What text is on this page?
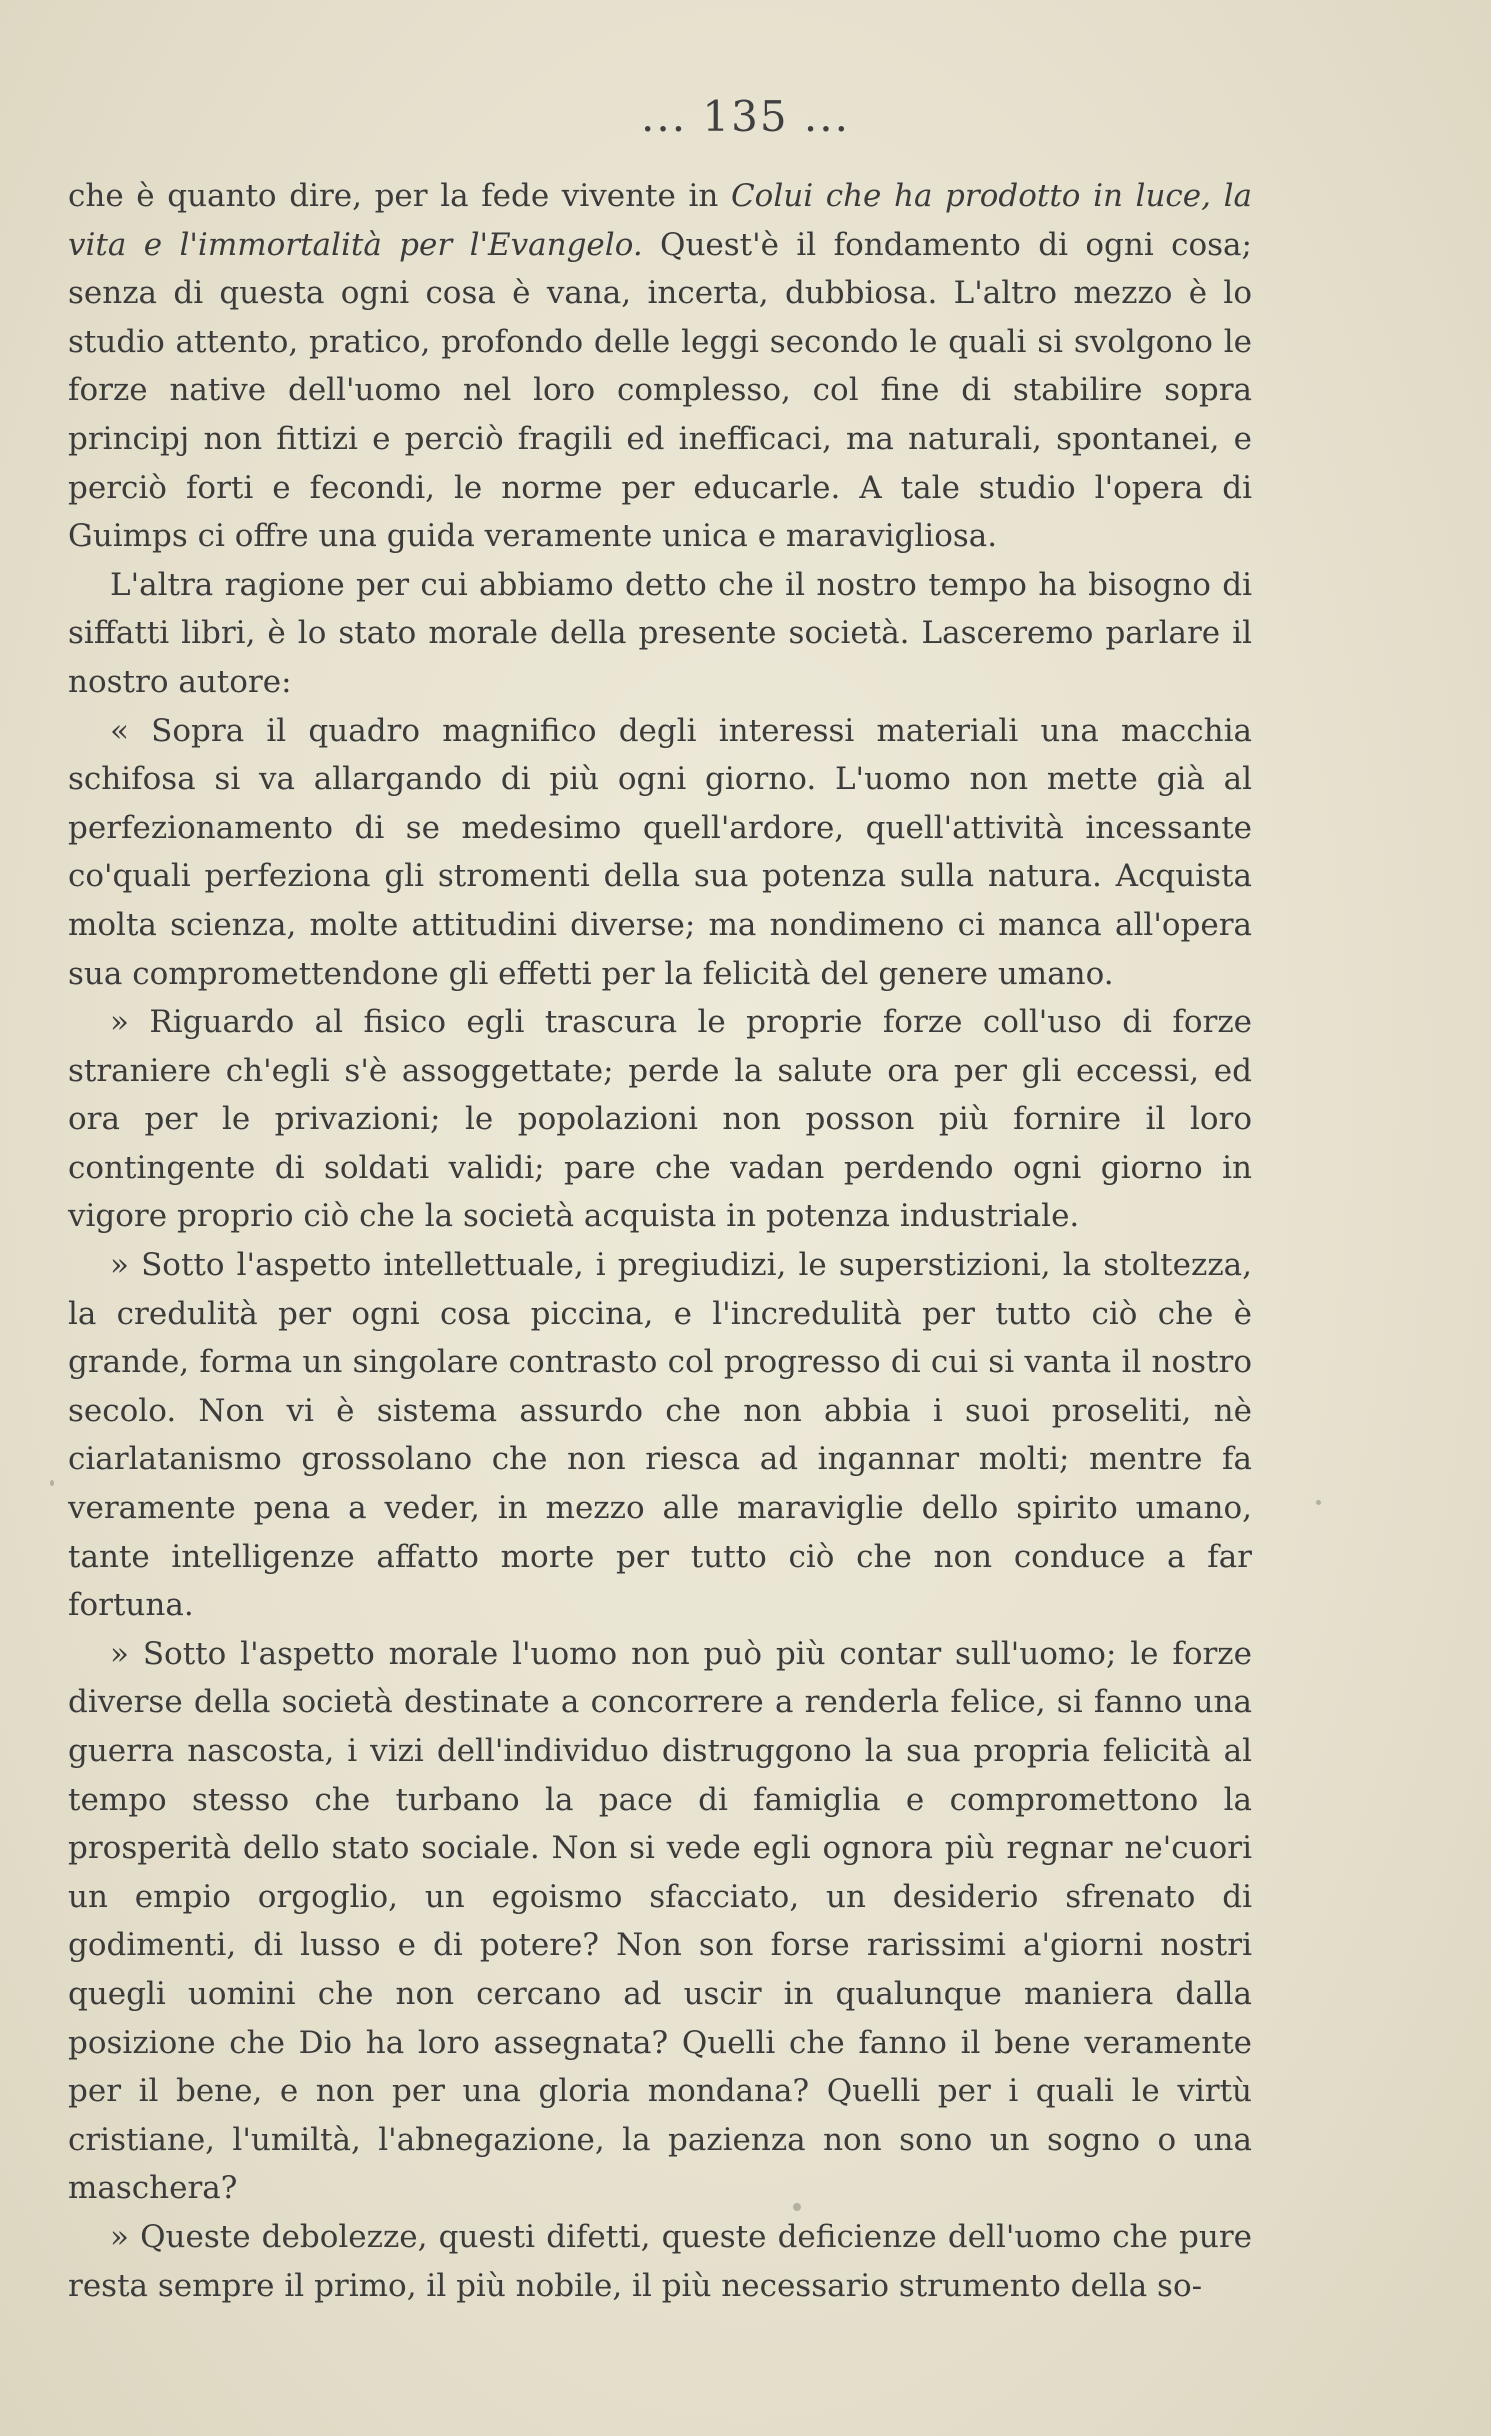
... 135 ...

che è quanto dire, per la fede vivente in Colui che ha prodotto in luce, la vita e l'immortalità per l'Evangelo. Quest'è il fondamento di ogni cosa; senza di questa ogni cosa è vana, incerta, dubbiosa. L'altro mezzo è lo studio attento, pratico, profondo delle leggi secondo le quali si svolgono le forze native dell'uomo nel loro complesso, col fine di stabilire sopra principj non fittizi e perciò fragili ed inefficaci, ma naturali, spontanei, e perciò forti e fecondi, le norme per educarle. A tale studio l'opera di Guimps ci offre una guida veramente unica e maravigliosa.

L'altra ragione per cui abbiamo detto che il nostro tempo ha bisogno di siffatti libri, è lo stato morale della presente società. Lasceremo parlare il nostro autore:

« Sopra il quadro magnifico degli interessi materiali una macchia schifosa si va allargando di più ogni giorno. L'uomo non mette già al perfezionamento di se medesimo quell'ardore, quell'attività incessante co'quali perfeziona gli stromenti della sua potenza sulla natura. Acquista molta scienza, molte attitudini diverse; ma nondimeno ci manca all'opera sua compromettendone gli effetti per la felicità del genere umano.

» Riguardo al fisico egli trascura le proprie forze coll'uso di forze straniere ch'egli s'è assoggettate; perde la salute ora per gli eccessi, ed ora per le privazioni; le popolazioni non posson più fornire il loro contingente di soldati validi; pare che vadan perdendo ogni giorno in vigore proprio ciò che la società acquista in potenza industriale.

» Sotto l'aspetto intellettuale, i pregiudizi, le superstizioni, la stoltezza, la credulità per ogni cosa piccina, e l'incredulità per tutto ciò che è grande, forma un singolare contrasto col progresso di cui si vanta il nostro secolo. Non vi è sistema assurdo che non abbia i suoi proseliti, nè ciarlatanismo grossolano che non riesca ad ingannar molti; mentre fa veramente pena a veder, in mezzo alle maraviglie dello spirito umano, tante intelligenze affatto morte per tutto ciò che non conduce a far fortuna.

» Sotto l'aspetto morale l'uomo non può più contar sull'uomo; le forze diverse della società destinate a concorrere a renderla felice, si fanno una guerra nascosta, i vizi dell'individuo distruggono la sua propria felicità al tempo stesso che turbano la pace di famiglia e compromettono la prosperità dello stato sociale. Non si vede egli ognora più regnar ne'cuori un empio orgoglio, un egoismo sfacciato, un desiderio sfrenato di godimenti, di lusso e di potere? Non son forse rarissimi a'giorni nostri quegli uomini che non cercano ad uscir in qualunque maniera dalla posizione che Dio ha loro assegnata? Quelli che fanno il bene veramente per il bene, e non per una gloria mondana? Quelli per i quali le virtù cristiane, l'umiltà, l'abnegazione, la pazienza non sono un sogno o una maschera?

» Queste debolezze, questi difetti, queste deficienze dell'uomo che pure resta sempre il primo, il più nobile, il più necessario strumento della so-
